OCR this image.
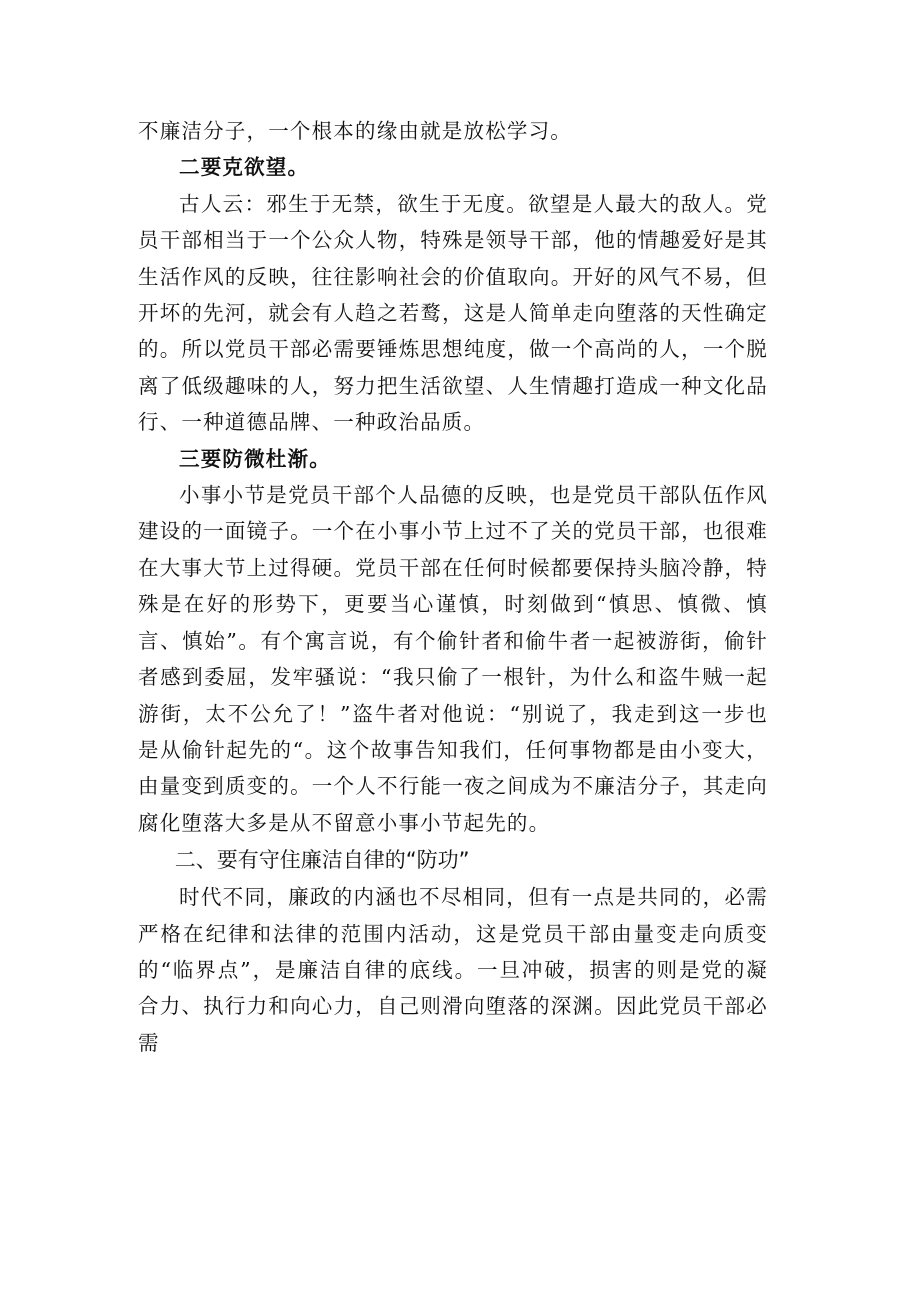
不廉洁分子，一个根本的缘由就是放松学习。

二要克欲望。

古人云：邪生于无禁，欲生于无度。欲望是人最大的敌人。党员干部相当于一个公众人物，特殊是领导干部，他的情趣爱好是其生活作风的反映，往往影响社会的价值取向。开好的风气不易，但开坏的先河，就会有人趋之若鹜，这是人简单走向堕落的天性确定的。所以党员干部必需要锤炼思想纯度，做一个高尚的人，一个脱离了低级趣味的人，努力把生活欲望、人生情趣打造成一种文化品行、一种道德品牌、一种政治品质。

三要防微杜渐。

小事小节是党员干部个人品德的反映，也是党员干部队伍作风建设的一面镜子。一个在小事小节上过不了关的党员干部，也很难在大事大节上过得硬。党员干部在任何时候都要保持头脑冷静，特殊是在好的形势下，更要当心谨慎，时刻做到“慎思、慎微、慎言、慎始”。有个寓言说，有个偷针者和偷牛者一起被游街，偷针者感到委屈，发牢骚说：“我只偷了一根针，为什么和盗牛贼一起游街，太不公允了！”盗牛者对他说：“别说了，我走到这一步也是从偷针起先的“。这个故事告知我们，任何事物都是由小变大，由量变到质变的。一个人不行能一夜之间成为不廉洁分子，其走向腐化堕落大多是从不留意小事小节起先的。

二、要有守住廉洁自律的“防功”

时代不同，廉政的内涵也不尽相同，但有一点是共同的，必需严格在纪律和法律的范围内活动，这是党员干部由量变走向质变的“临界点”，是廉洁自律的底线。一旦冲破，损害的则是党的凝合力、执行力和向心力，自己则滑向堕落的深渊。因此党员干部必需
